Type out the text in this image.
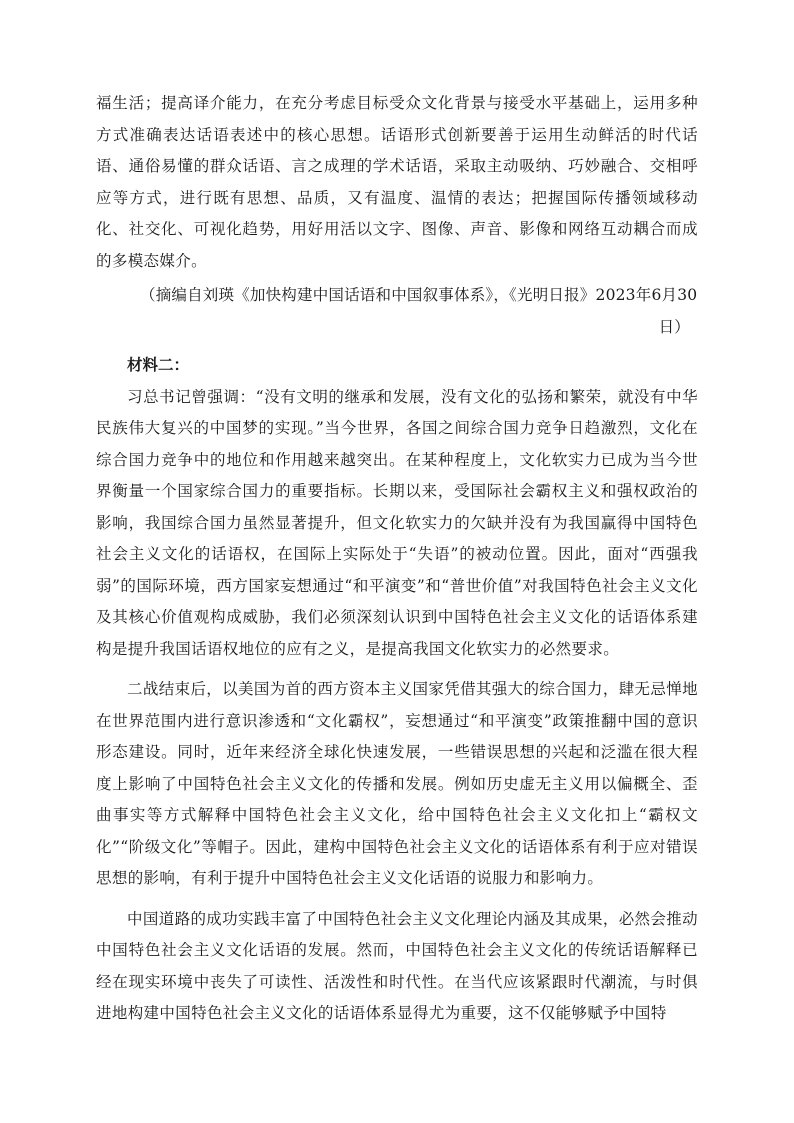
福生活；提高译介能力，在充分考虑目标受众文化背景与接受水平基础上，运用多种方式准确表达话语表述中的核心思想。话语形式创新要善于运用生动鲜活的时代话语、通俗易懂的群众话语、言之成理的学术话语，采取主动吸纳、巧妙融合、交相呼应等方式，进行既有思想、品质，又有温度、温情的表达；把握国际传播领域移动化、社交化、可视化趋势，用好用活以文字、图像、声音、影像和网络互动耦合而成的多模态媒介。

（摘编自刘瑛《加快构建中国话语和中国叙事体系》，《光明日报》2023年6月30
日）

材料二：

习总书记曾强调：“没有文明的继承和发展，没有文化的弘扬和繁荣，就没有中华民族伟大复兴的中国梦的实现。”当今世界，各国之间综合国力竞争日趋激烈，文化在综合国力竞争中的地位和作用越来越突出。在某种程度上，文化软实力已成为当今世界衡量一个国家综合国力的重要指标。长期以来，受国际社会霸权主义和强权政治的影响，我国综合国力虽然显著提升，但文化软实力的欠缺并没有为我国赢得中国特色社会主义文化的话语权，在国际上实际处于“失语”的被动位置。因此，面对“西强我弱”的国际环境，西方国家妄想通过“和平演变”和“普世价值”对我国特色社会主义文化及其核心价值观构成威胁，我们必须深刻认识到中国特色社会主义文化的话语体系建构是提升我国话语权地位的应有之义，是提高我国文化软实力的必然要求。

二战结束后，以美国为首的西方资本主义国家凭借其强大的综合国力，肆无忌惮地在世界范围内进行意识渗透和“文化霸权”，妄想通过“和平演变”政策推翻中国的意识形态建设。同时，近年来经济全球化快速发展，一些错误思想的兴起和泛滥在很大程度上影响了中国特色社会主义文化的传播和发展。例如历史虚无主义用以偏概全、歪曲事实等方式解释中国特色社会主义文化，给中国特色社会主义文化扣上“霸权文化”“阶级文化”等帽子。因此，建构中国特色社会主义文化的话语体系有利于应对错误思想的影响，有利于提升中国特色社会主义文化话语的说服力和影响力。

中国道路的成功实践丰富了中国特色社会主义文化理论内涵及其成果，必然会推动中国特色社会主义文化话语的发展。然而，中国特色社会主义文化的传统话语解释已经在现实环境中丧失了可读性、活泼性和时代性。在当代应该紧跟时代潮流，与时俱进地构建中国特色社会主义文化的话语体系显得尤为重要，这不仅能够赋予中国特
